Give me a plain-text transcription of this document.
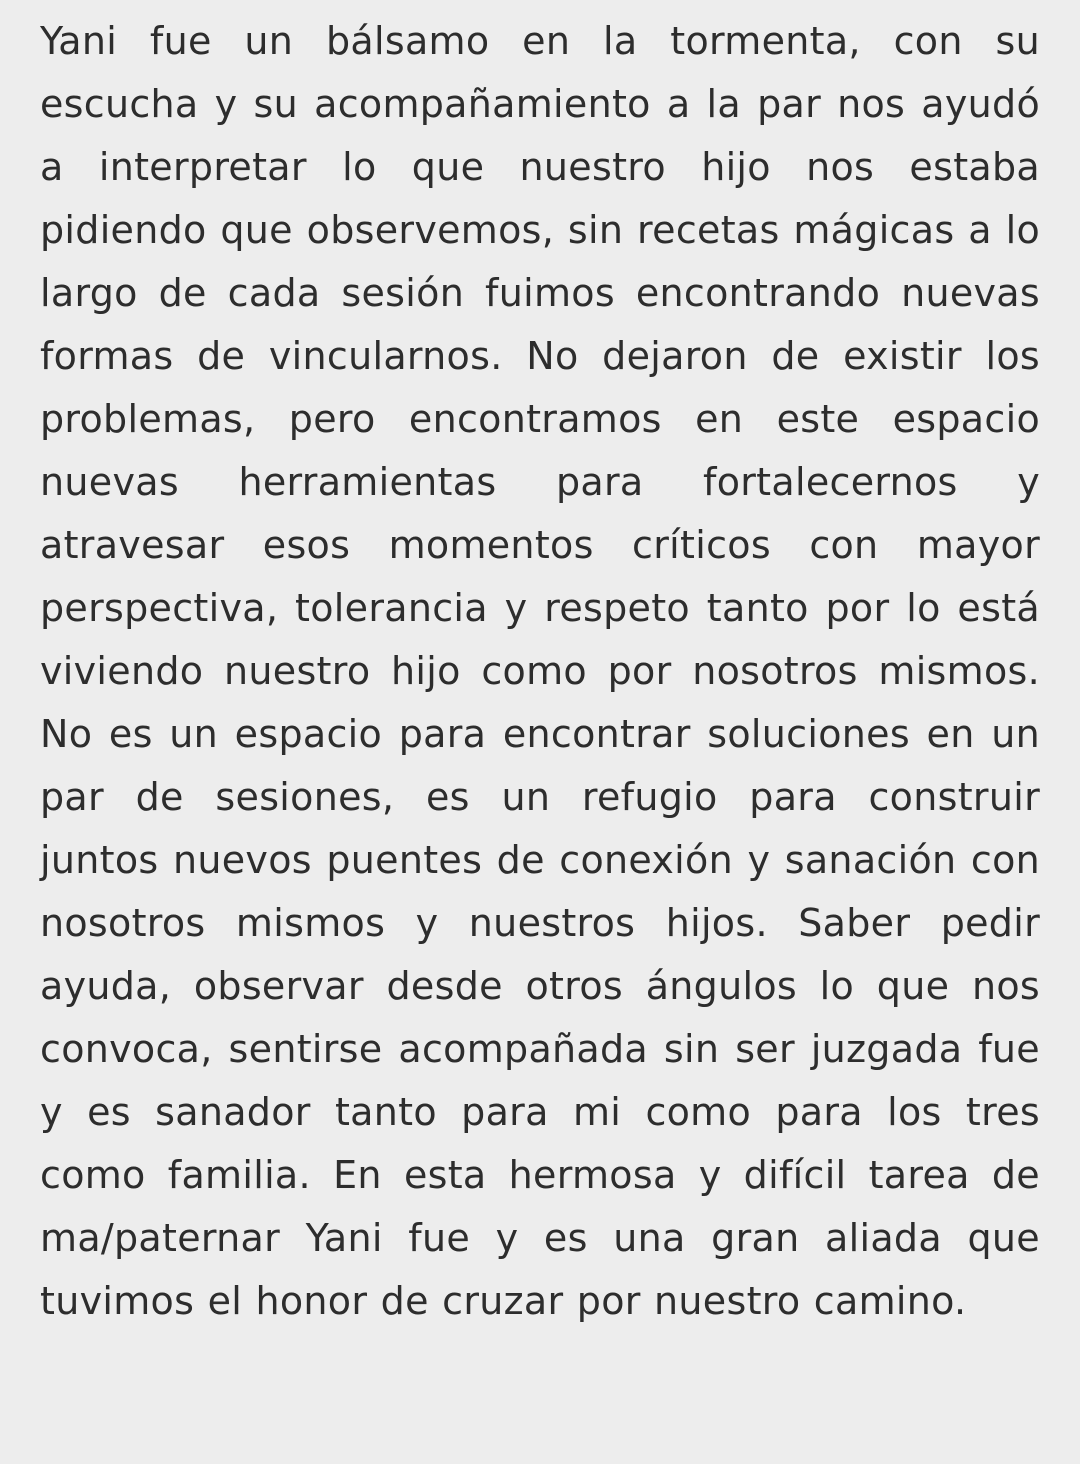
Yani fue un bálsamo en la tormenta, con su escucha y su acompañamiento a la par nos ayudó a interpretar lo que nuestro hijo nos estaba pidiendo que observemos, sin recetas mágicas a lo largo de cada sesión fuimos encontrando nuevas formas de vincularnos. No dejaron de existir los problemas, pero encontramos en este espacio nuevas herramientas para fortalecernos y atravesar esos momentos críticos con mayor perspectiva, tolerancia y respeto tanto por lo está viviendo nuestro hijo como por nosotros mismos. No es un espacio para encontrar soluciones en un par de sesiones, es un refugio para construir juntos nuevos puentes de conexión y sanación con nosotros mismos y nuestros hijos. Saber pedir ayuda, observar desde otros ángulos lo que nos convoca, sentirse acompañada sin ser juzgada fue y es sanador tanto para mi como para los tres como familia. En esta hermosa y difícil tarea de ma/paternar Yani fue y es una gran aliada que tuvimos el honor de cruzar por nuestro camino.
